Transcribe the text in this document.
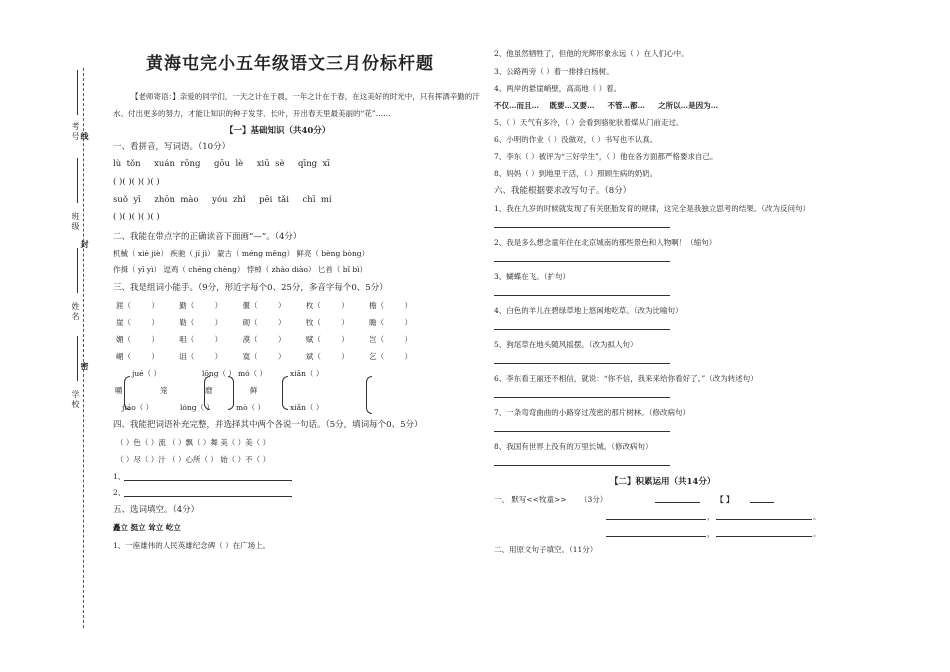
考号
班级
姓名
学校
线
封
密
黄海屯完小五年级语文三月份标杆题
【老师寄语：】亲爱的同学们，一天之计在于晨，一年之计在于春，在这美好的时光中，只有挥洒辛勤的汗
水、付出更多的努力，才能让知识的种子发芽、长叶，开出春天里最美丽的“花”……
【一】基础知识（共40分）
一、看拼音，写词语。（10分）
lù tǒn xuán rōng gōu lè xiū sè qīng xī
( )( )( )( )( )
suǒ yī zhōn mào yóu zhǐ pēi tǎi chī mí
( )( )( )( )( )
二、我能在带点字的正确读音下面画“—”。（4分）
机械（ xiè jiè） 疾驰（ jí jì） 蒙古（ méng měng） 鲜亮（ bèng bòng）
作揖（ yī yì） 逗鸡（ chéng chèng） 悖棹（ zhào diào） 匕首（ bǐ bì）
三、我是组词小能手。（9分，形近字每个0、25分，多音字每个0、5分）
涯（ ）	勤（ ）	偃（ ）	枚（ ）	檐（ ）
崖（ ）	勒（ ）	砌（ ）	牧（ ）	瞻（ ）
媚（ ）	咀（ ）	漠（ ）	赋（ ）	岂（ ）
嵋（ ）	诅（ ）	寞（ ）	斌（ ）	乞（ ）
jué（ ）	lōng（ ） mó（ ）	xiān（ ）
嚼	笼	磨	鲜
jiáo（ ）	lóng（ ）	mò（ ）	xiǎn（ ）
四、我能把词语补充完整，并选择其中两个各说一句话。（5分，填词每个0、5分）
（ ）色（ ）流 （ ）飘（ ）舞 美（ ）美（ ）
（ ）尽（ ）汁 （ ）心所（ ） 始（ ）不（ ）
1、
2、
五、选词填空。（4分）
矗立 挺立 耸立 屹立
1、一座雄伟的人民英雄纪念碑（ ）在广场上。
2、他虽然牺牲了，但他的光辉形象永远（ ）在人们心中。
3、公路两旁（ ）着一排排白杨树。
4、两岸的悬崖峭壁，高高地（ ）着。
不仅…而且… 既要…又要… 不管…都… 之所以…是因为…
5、（ ）天气有多冷，（ ）会看到骆驼驮着煤从门前走过。
6、小明的作业（ ）没做对，（ ）书写也不认真。
7、李东（ ）被评为“三好学生”，（ ）他在各方面都严格要求自己。
8、妈妈（ ）到地里干活，（ ）照顾生病的奶奶。
六、我能根据要求改写句子。（8分）
1、我在九岁的时候就发现了有关胚胎发育的规律，这完全是我独立思考的结果。（改为反问句）
2、我是多么想念童年住在北京城南的那些景色和人物啊！（缩句）
3、蝴蝶在飞。（扩句）
4、白色的羊儿在碧绿草地上悠闲地吃草。（改为比喻句）
5、狗尾草在地头随风摇摆。（改为拟人句）
6、李东看王丽还不相信，就说：“你不信，我来来给你看好了。”（改为转述句）
7、一条弯弯曲曲的小路穿过茂密的那片树林。（修改病句）
8、我国有世界上没有的万里长城。（修改病句）
【二】积累运用（共14分）
一、 默写<<牧童>> （3分）	【 】
，	。
，	。
二、用原文句子填空。（11分）
